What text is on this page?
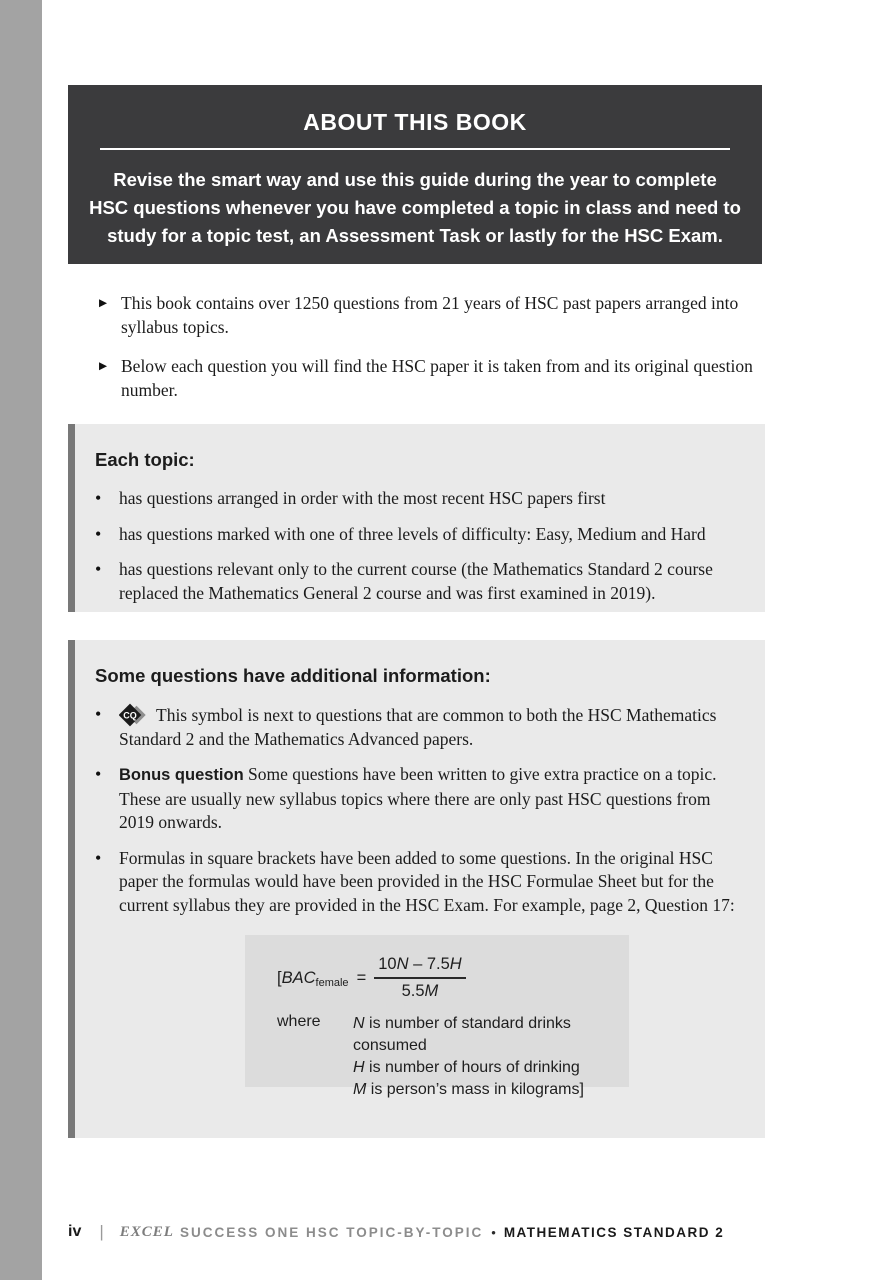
ABOUT THIS BOOK
Revise the smart way and use this guide during the year to complete
HSC questions whenever you have completed a topic in class and need to
study for a topic test, an Assessment Task or lastly for the HSC Exam.
▶ This book contains over 1250 questions from 21 years of HSC past papers arranged into syllabus topics.
▶ Below each question you will find the HSC paper it is taken from and its original question number.
Each topic:
•	has questions arranged in order with the most recent HSC papers first
•	has questions marked with one of three levels of difficulty: Easy, Medium and Hard
•	has questions relevant only to the current course (the Mathematics Standard 2 course replaced the Mathematics General 2 course and was first examined in 2019).
Some questions have additional information:
•	CQ This symbol is next to questions that are common to both the HSC Mathematics Standard 2 and the Mathematics Advanced papers.
•	Bonus question Some questions have been written to give extra practice on a topic. These are usually new syllabus topics where there are only past HSC questions from 2019 onwards.
•	Formulas in square brackets have been added to some questions. In the original HSC paper the formulas would have been provided in the HSC Formulae Sheet but for the current syllabus they are provided in the HSC Exam. For example, page 2, Question 17:
[ BAC female = $\frac{10N - 7.5H}{5.5M}$
where	N is number of standard drinks consumed
H is number of hours of drinking
M is person’s mass in kilograms]
iv | EXCEL SUCCESS ONE HSC TOPIC-BY-TOPIC • MATHEMATICS STANDARD 2
